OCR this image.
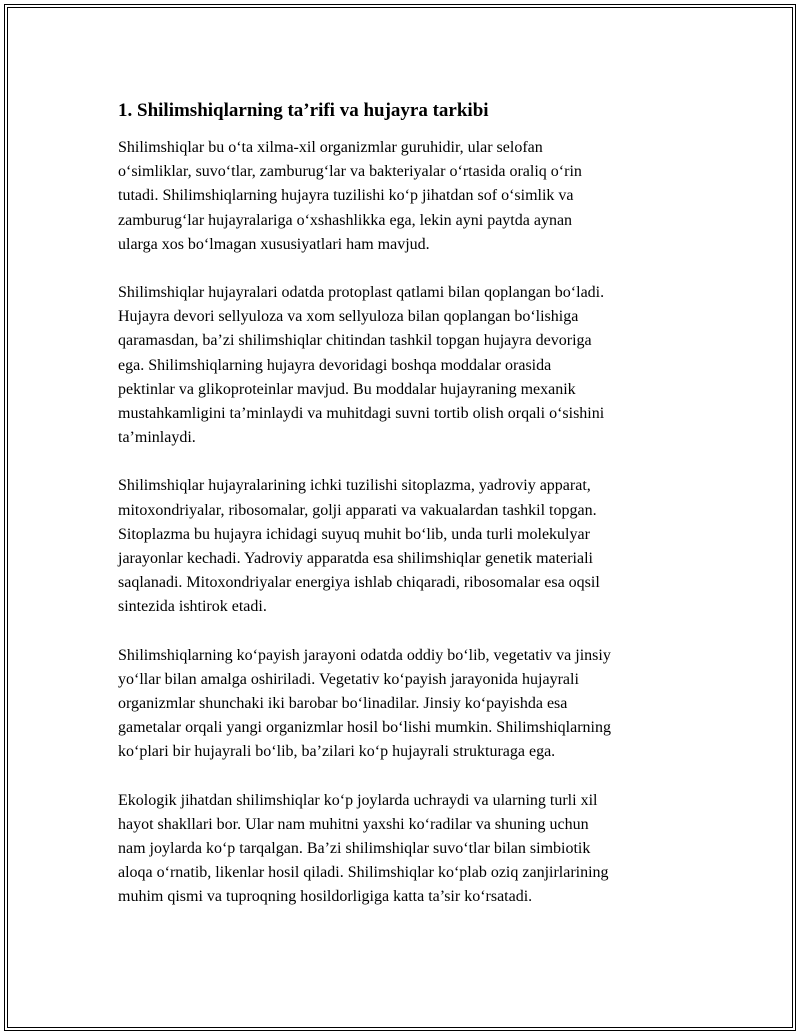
1. Shilimshiqlarning ta’rifi va hujayra tarkibi

Shilimshiqlar bu o‘ta xilma-xil organizmlar guruhidir, ular selofan
o‘simliklar, suvo‘tlar, zamburug‘lar va bakteriyalar o‘rtasida oraliq o‘rin
tutadi. Shilimshiqlarning hujayra tuzilishi ko‘p jihatdan sof o‘simlik va
zamburug‘lar hujayralariga o‘xshashlikka ega, lekin ayni paytda aynan
ularga xos bo‘lmagan xususiyatlari ham mavjud.

Shilimshiqlar hujayralari odatda protoplast qatlami bilan qoplangan bo‘ladi.
Hujayra devori sellyuloza va xom sellyuloza bilan qoplangan bo‘lishiga
qaramasdan, ba’zi shilimshiqlar chitindan tashkil topgan hujayra devoriga
ega. Shilimshiqlarning hujayra devoridagi boshqa moddalar orasida
pektinlar va glikoproteinlar mavjud. Bu moddalar hujayraning mexanik
mustahkamligini ta’minlaydi va muhitdagi suvni tortib olish orqali o‘sishini
ta’minlaydi.

Shilimshiqlar hujayralarining ichki tuzilishi sitoplazma, yadroviy apparat,
mitoxondriyalar, ribosomalar, golji apparati va vakualardan tashkil topgan.
Sitoplazma bu hujayra ichidagi suyuq muhit bo‘lib, unda turli molekulyar
jarayonlar kechadi. Yadroviy apparatda esa shilimshiqlar genetik materiali
saqlanadi. Mitoxondriyalar energiya ishlab chiqaradi, ribosomalar esa oqsil
sintezida ishtirok etadi.

Shilimshiqlarning ko‘payish jarayoni odatda oddiy bo‘lib, vegetativ va jinsiy
yo‘llar bilan amalga oshiriladi. Vegetativ ko‘payish jarayonida hujayrali
organizmlar shunchaki iki barobar bo‘linadilar. Jinsiy ko‘payishda esa
gametalar orqali yangi organizmlar hosil bo‘lishi mumkin. Shilimshiqlarning
ko‘plari bir hujayrali bo‘lib, ba’zilari ko‘p hujayrali strukturaga ega.

Ekologik jihatdan shilimshiqlar ko‘p joylarda uchraydi va ularning turli xil
hayot shakllari bor. Ular nam muhitni yaxshi ko‘radilar va shuning uchun
nam joylarda ko‘p tarqalgan. Ba’zi shilimshiqlar suvo‘tlar bilan simbiotik
aloqa o‘rnatib, likenlar hosil qiladi. Shilimshiqlar ko‘plab oziq zanjirlarining
muhim qismi va tuproqning hosildorligiga katta ta’sir ko‘rsatadi.
